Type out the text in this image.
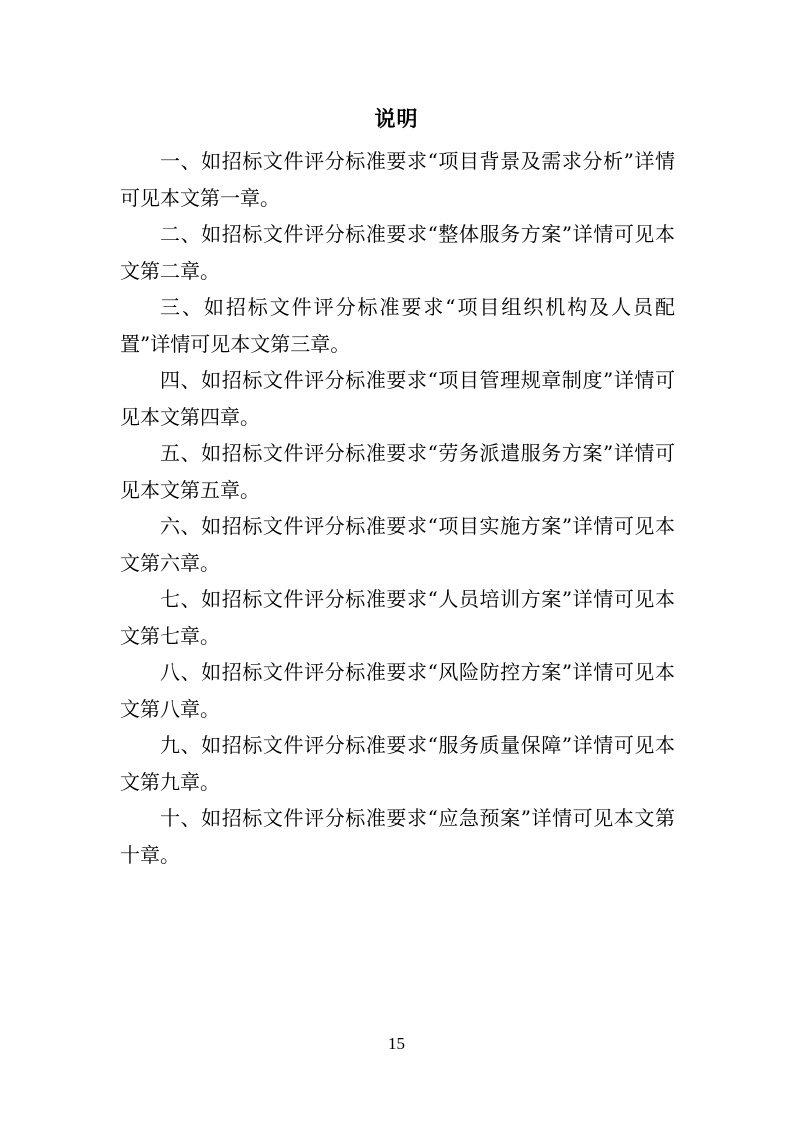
说明

一、如招标文件评分标准要求“项目背景及需求分析”详情可见本文第一章。

二、如招标文件评分标准要求“整体服务方案”详情可见本文第二章。

三、如招标文件评分标准要求“项目组织机构及人员配置”详情可见本文第三章。

四、如招标文件评分标准要求“项目管理规章制度”详情可见本文第四章。

五、如招标文件评分标准要求“劳务派遣服务方案”详情可见本文第五章。

六、如招标文件评分标准要求“项目实施方案”详情可见本文第六章。

七、如招标文件评分标准要求“人员培训方案”详情可见本文第七章。

八、如招标文件评分标准要求“风险防控方案”详情可见本文第八章。

九、如招标文件评分标准要求“服务质量保障”详情可见本文第九章。

十、如招标文件评分标准要求“应急预案”详情可见本文第十章。

15
